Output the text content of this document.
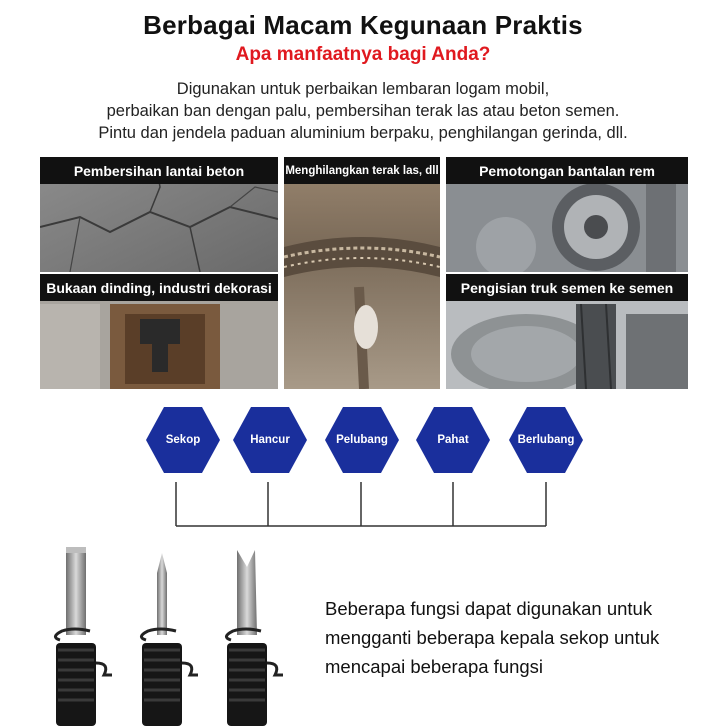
Berbagai Macam Kegunaan Praktis
Apa manfaatnya bagi Anda?
Digunakan untuk perbaikan lembaran logam mobil,
perbaikan ban dengan palu, pembersihan terak las atau beton semen.
Pintu dan jendela paduan aluminium berpaku, penghilangan gerinda, dll.
Pembersihan lantai beton	Menghilangkan terak las, dll	Pemotongan bantalan rem
Bukaan dinding, industri dekorasi	Pengisian truk semen ke semen
Sekop	Hancur	Pelubang	Pahat	Berlubang
Beberapa fungsi dapat digunakan untuk
mengganti beberapa kepala sekop untuk
mencapai beberapa fungsi
